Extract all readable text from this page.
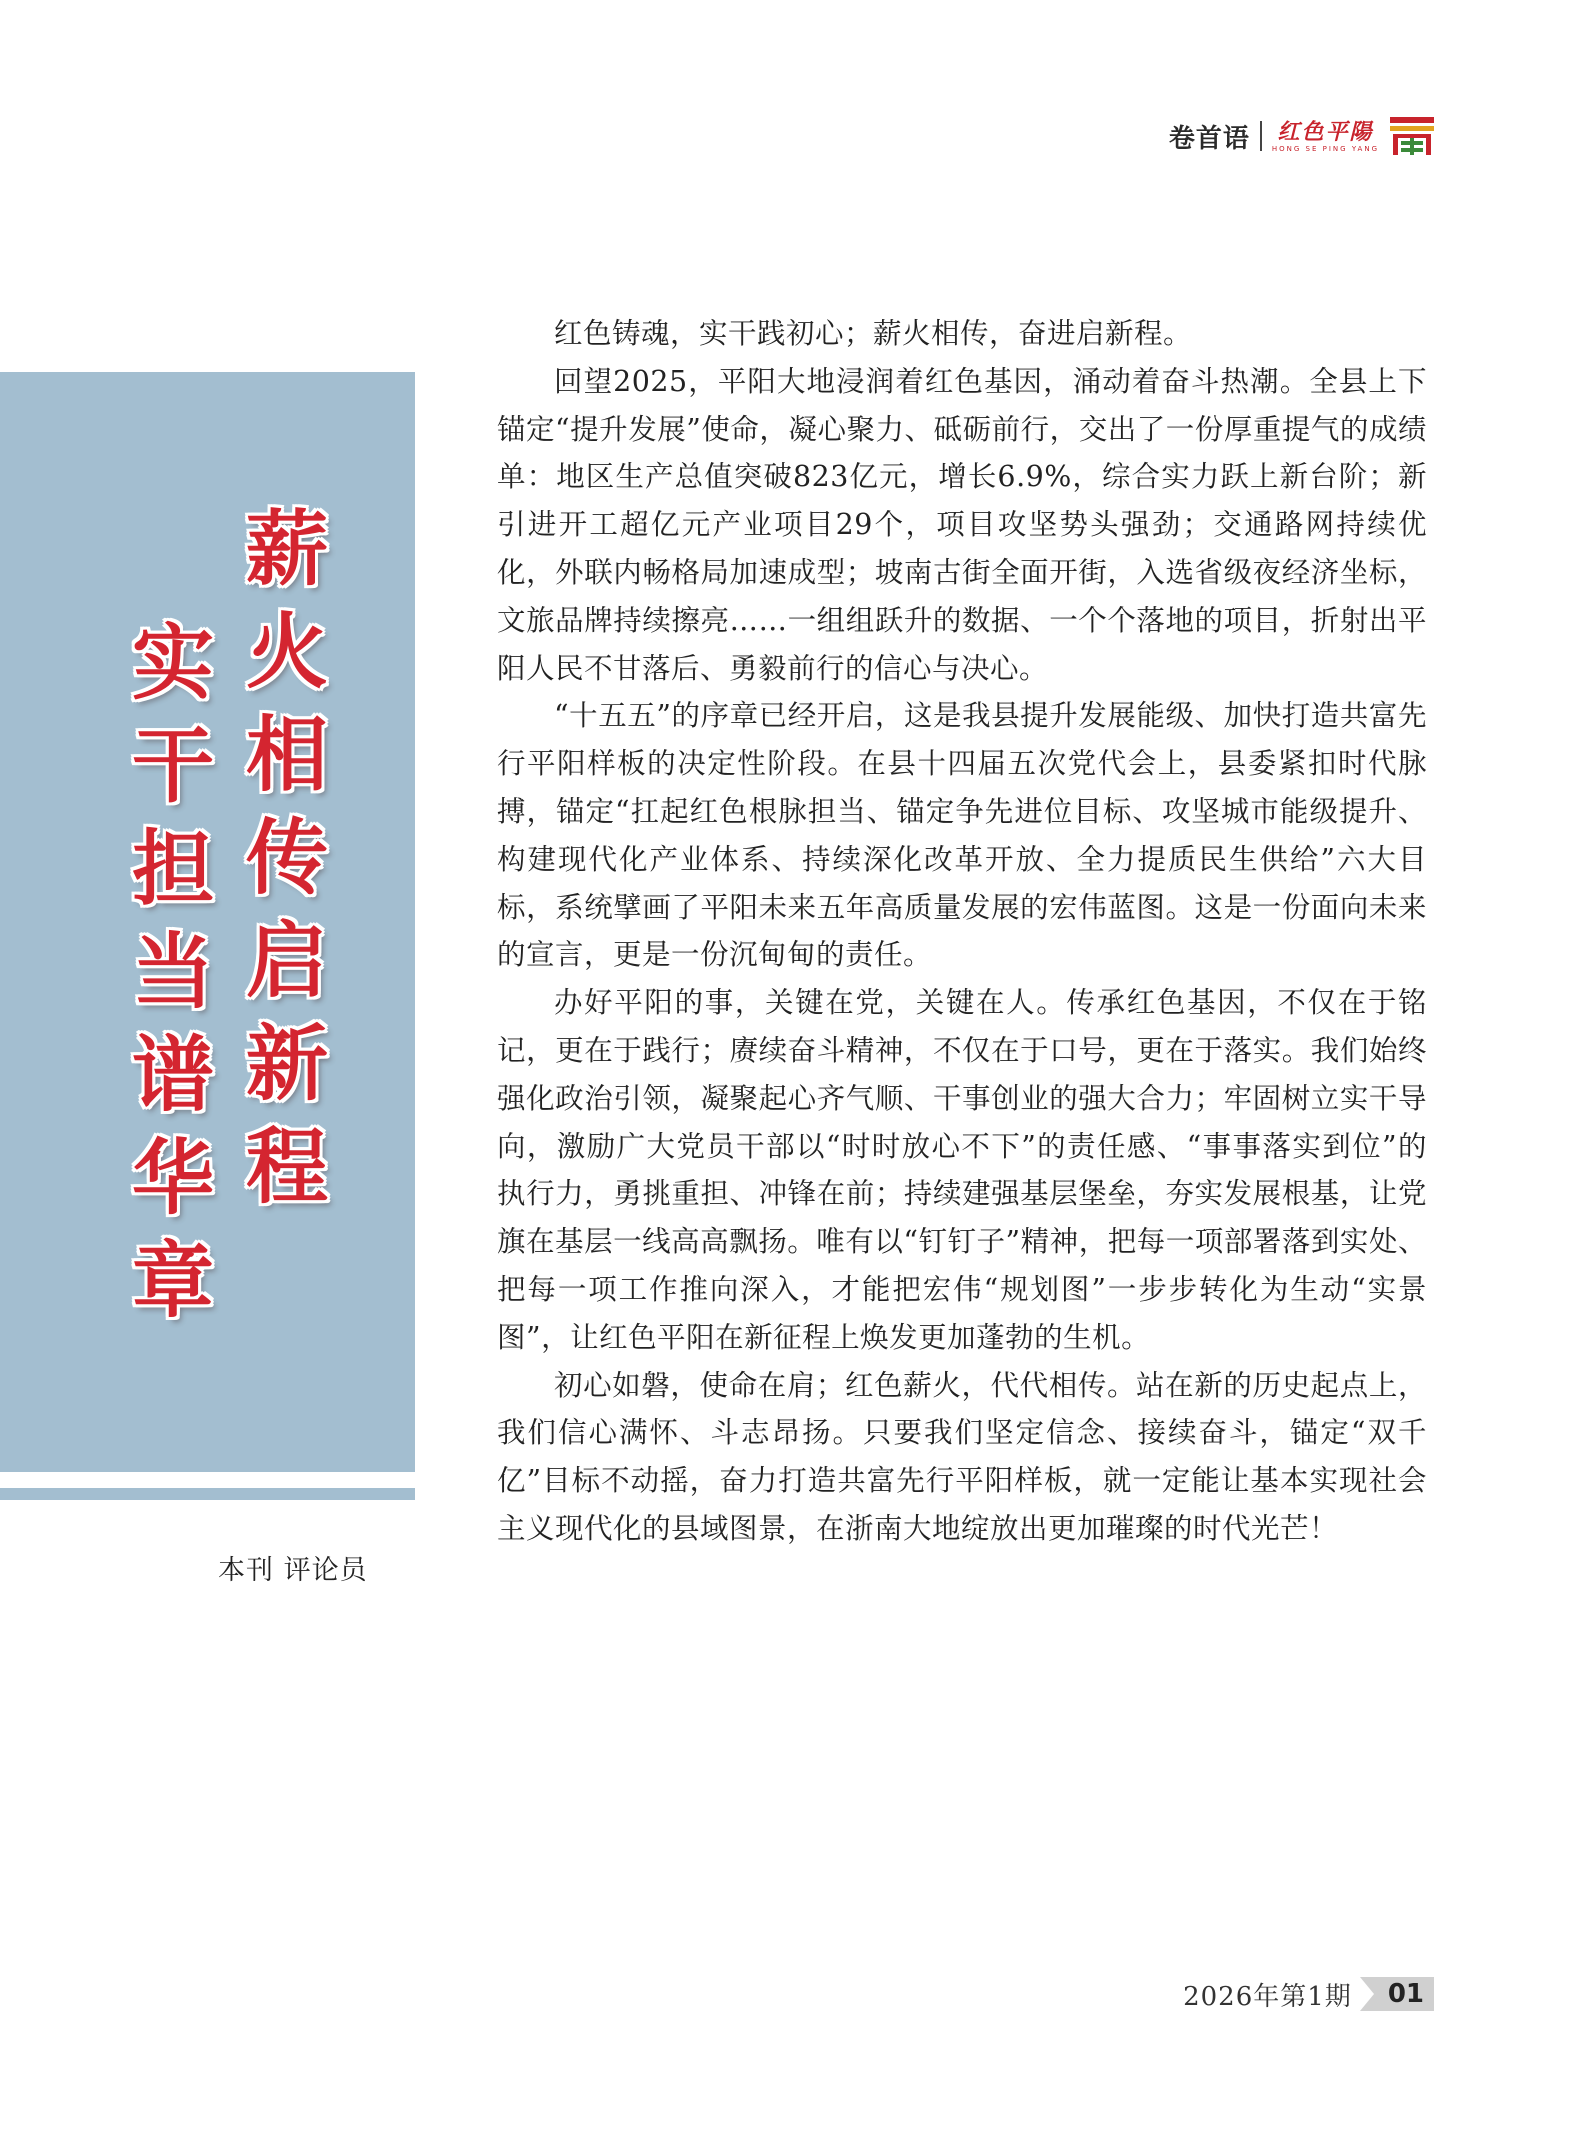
卷首语 红色平陽
HONG SE PING YANG
薪
火
相
传
启
新
程
实
干
担
当
谱
华
章
本刊 评论员

红色铸魂，实干践初心；薪火相传，奋进启新程。

回望2025，平阳大地浸润着红色基因，涌动着奋斗热潮。全县上下锚定“提升发展”使命，凝心聚力、砥砺前行，交出了一份厚重提气的成绩单：地区生产总值突破823亿元，增长6.9%，综合实力跃上新台阶；新引进开工超亿元产业项目29个，项目攻坚势头强劲；交通路网持续优化，外联内畅格局加速成型；坡南古街全面开街，入选省级夜经济坐标，文旅品牌持续擦亮……一组组跃升的数据、一个个落地的项目，折射出平阳人民不甘落后、勇毅前行的信心与决心。

“十五五”的序章已经开启，这是我县提升发展能级、加快打造共富先行平阳样板的决定性阶段。在县十四届五次党代会上，县委紧扣时代脉搏，锚定“扛起红色根脉担当、锚定争先进位目标、攻坚城市能级提升、构建现代化产业体系、持续深化改革开放、全力提质民生供给”六大目标，系统擘画了平阳未来五年高质量发展的宏伟蓝图。这是一份面向未来的宣言，更是一份沉甸甸的责任。

办好平阳的事，关键在党，关键在人。传承红色基因，不仅在于铭记，更在于践行；赓续奋斗精神，不仅在于口号，更在于落实。我们始终强化政治引领，凝聚起心齐气顺、干事创业的强大合力；牢固树立实干导向，激励广大党员干部以“时时放心不下”的责任感、“事事落实到位”的执行力，勇挑重担、冲锋在前；持续建强基层堡垒，夯实发展根基，让党旗在基层一线高高飘扬。唯有以“钉钉子”精神，把每一项部署落到实处、把每一项工作推向深入，才能把宏伟“规划图”一步步转化为生动“实景图”，让红色平阳在新征程上焕发更加蓬勃的生机。

初心如磐，使命在肩；红色薪火，代代相传。站在新的历史起点上，我们信心满怀、斗志昂扬。只要我们坚定信念、接续奋斗，锚定“双千亿”目标不动摇，奋力打造共富先行平阳样板，就一定能让基本实现社会主义现代化的县域图景，在浙南大地绽放出更加璀璨的时代光芒！

2026年第1期 01
